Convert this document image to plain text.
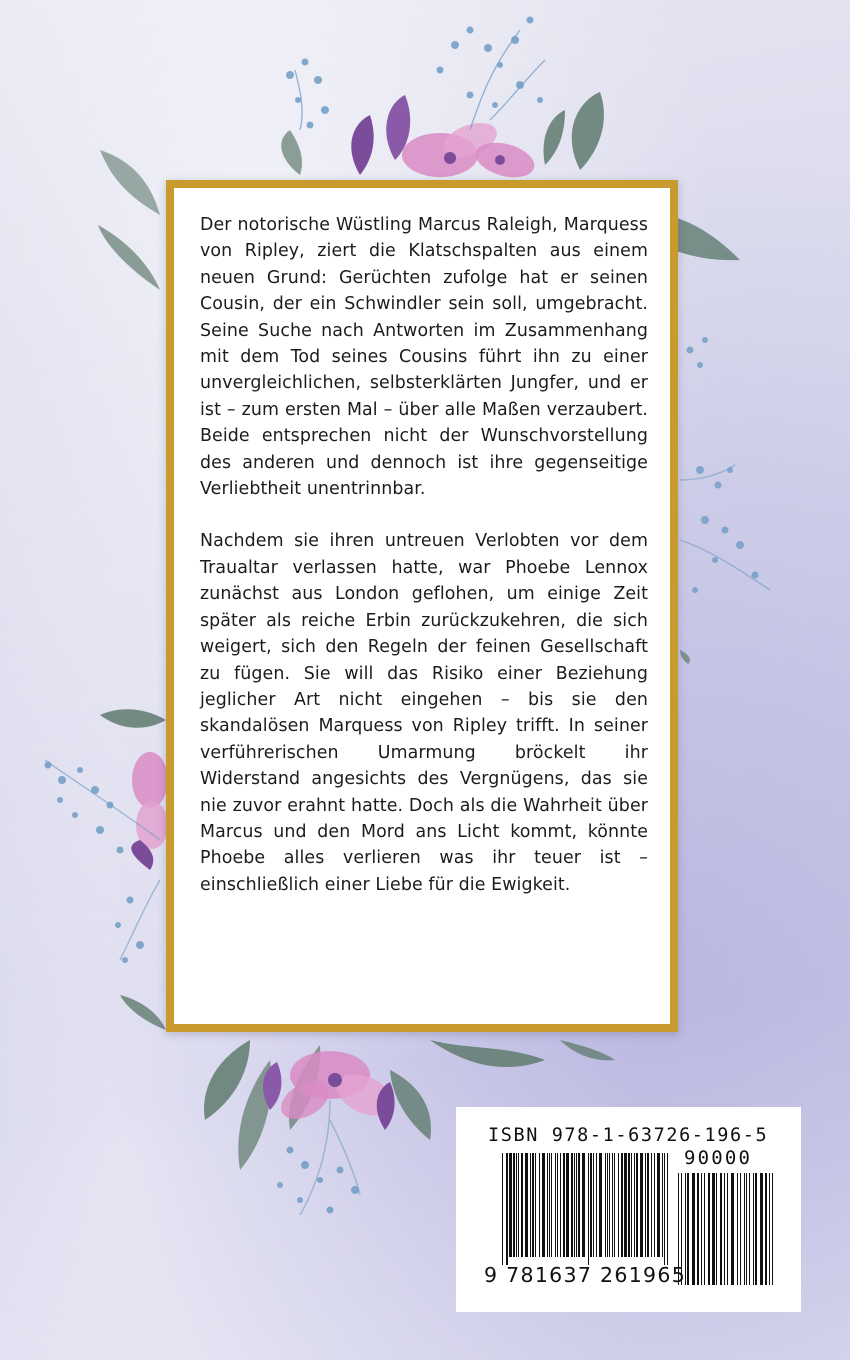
Der notorische Wüstling Marcus Raleigh, Marquess von Ripley, ziert die Klatschspalten aus einem neuen Grund: Gerüchten zufolge hat er seinen Cousin, der ein Schwindler sein soll, umgebracht. Seine Suche nach Antworten im Zusammenhang mit dem Tod seines Cousins führt ihn zu einer unvergleichlichen, selbsterklärten Jungfer, und er ist – zum ersten Mal – über alle Maßen verzaubert. Beide entsprechen nicht der Wunschvorstellung des anderen und dennoch ist ihre gegenseitige Verliebtheit unentrinnbar.

Nachdem sie ihren untreuen Verlobten vor dem Traualtar verlassen hatte, war Phoebe Lennox zunächst aus London geflohen, um einige Zeit später als reiche Erbin zurückzukehren, die sich weigert, sich den Regeln der feinen Gesellschaft zu fügen. Sie will das Risiko einer Beziehung jeglicher Art nicht eingehen – bis sie den skandalösen Marquess von Ripley trifft. In seiner verführerischen Umarmung bröckelt ihr Widerstand angesichts des Vergnügens, das sie nie zuvor erahnt hatte. Doch als die Wahrheit über Marcus und den Mord ans Licht kommt, könnte Phoebe alles verlieren was ihr teuer ist – einschließlich einer Liebe für die Ewigkeit.

ISBN 978-1-63726-196-5
90000
9 781637 261965
